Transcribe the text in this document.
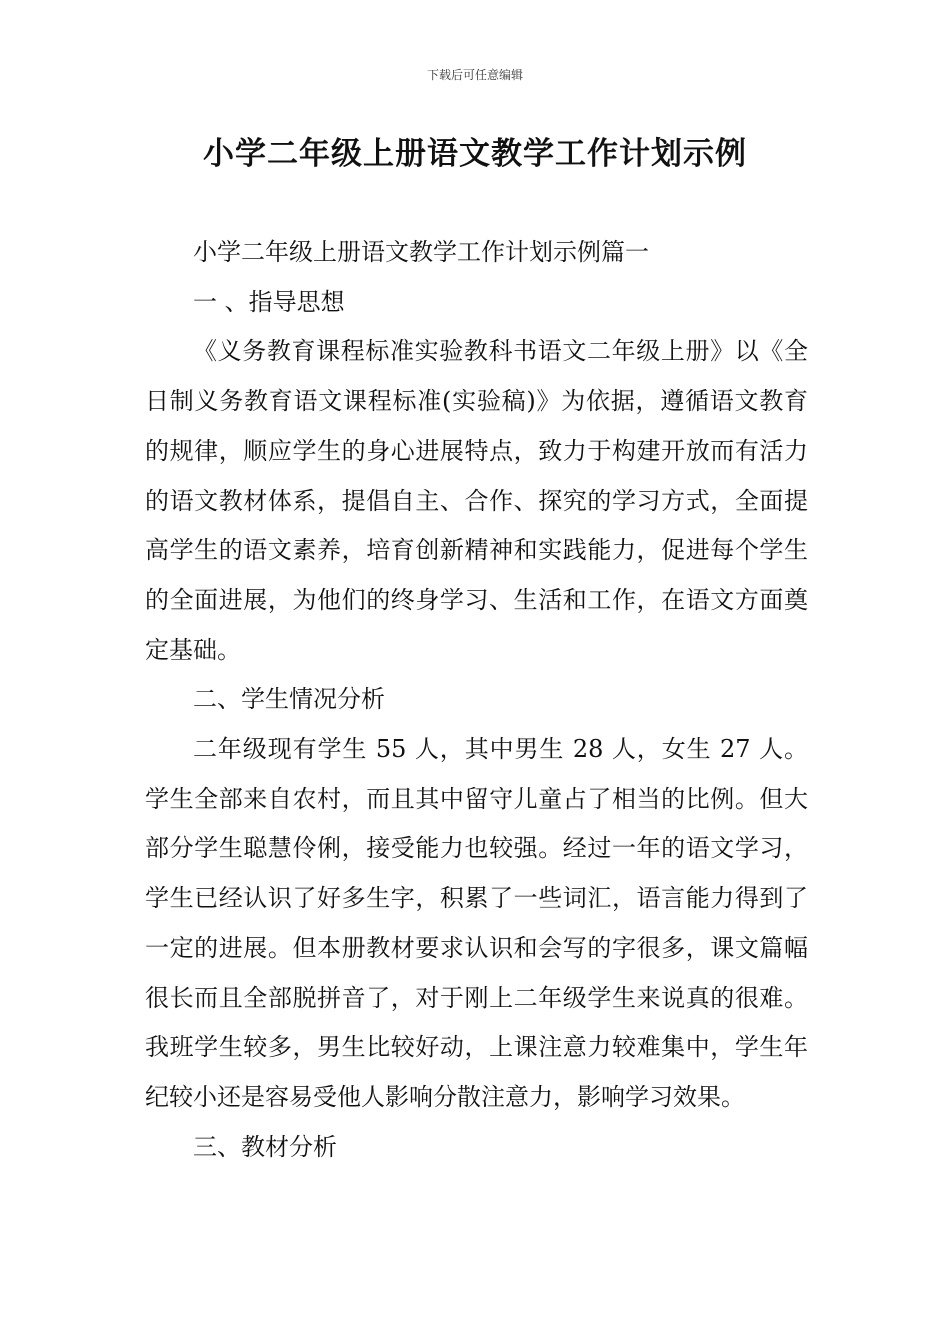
下载后可任意编辑
小学二年级上册语文教学工作计划示例

小学二年级上册语文教学工作计划示例篇一

一 、指导思想

《义务教育课程标准实验教科书语文二年级上册》以《全日制义务教育语文课程标准(实验稿)》为依据，遵循语文教育的规律，顺应学生的身心进展特点，致力于构建开放而有活力的语文教材体系，提倡自主、合作、探究的学习方式，全面提高学生的语文素养，培育创新精神和实践能力，促进每个学生的全面进展，为他们的终身学习、生活和工作，在语文方面奠定基础。

二、学生情况分析

二年级现有学生 55 人，其中男生 28 人，女生 27 人。学生全部来自农村，而且其中留守儿童占了相当的比例。但大部分学生聪慧伶俐，接受能力也较强。经过一年的语文学习，学生已经认识了好多生字，积累了一些词汇，语言能力得到了一定的进展。但本册教材要求认识和会写的字很多，课文篇幅很长而且全部脱拼音了，对于刚上二年级学生来说真的很难。我班学生较多，男生比较好动，上课注意力较难集中，学生年纪较小还是容易受他人影响分散注意力，影响学习效果。

三、教材分析
